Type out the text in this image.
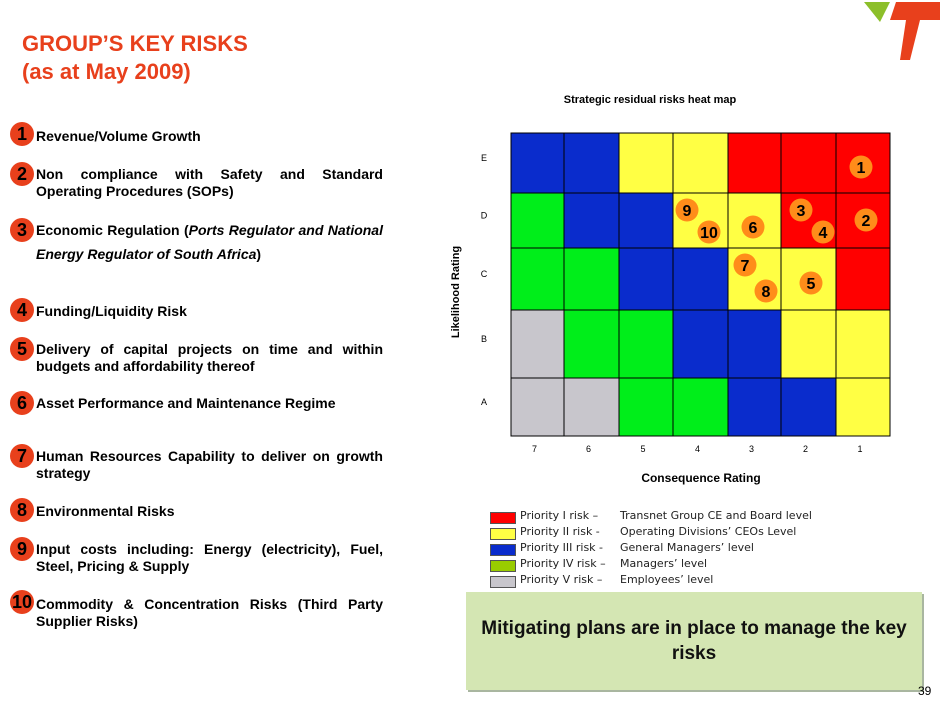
GROUP’S KEY RISKS
(as at May 2009)
1 Revenue/Volume Growth
2 Non compliance with Safety and Standard Operating Procedures (SOPs)
3 Economic Regulation (Ports Regulator and National Energy Regulator of South Africa)
4 Funding/Liquidity Risk
5 Delivery of capital projects on time and within budgets and affordability thereof
6 Asset Performance and Maintenance Regime
7 Human Resources Capability to deliver on growth strategy
8 Environmental Risks
9 Input costs including: Energy (electricity), Fuel, Steel, Pricing & Supply
10 Commodity & Concentration Risks (Third Party Supplier Risks)
Strategic residual risks heat map
E
D
C
B
A
7	6	5	4	3	2	1
1
2
3
4
5
6
7
8
9
10
Likelihood Rating
Consequence Rating
Priority I risk – Transnet Group CE and Board level
Priority II risk - Operating Divisions’ CEOs Level
Priority III risk - General Managers’ level
Priority IV risk – Managers’ level
Priority V risk – Employees’ level
Mitigating plans are in place to manage the key risks
39
